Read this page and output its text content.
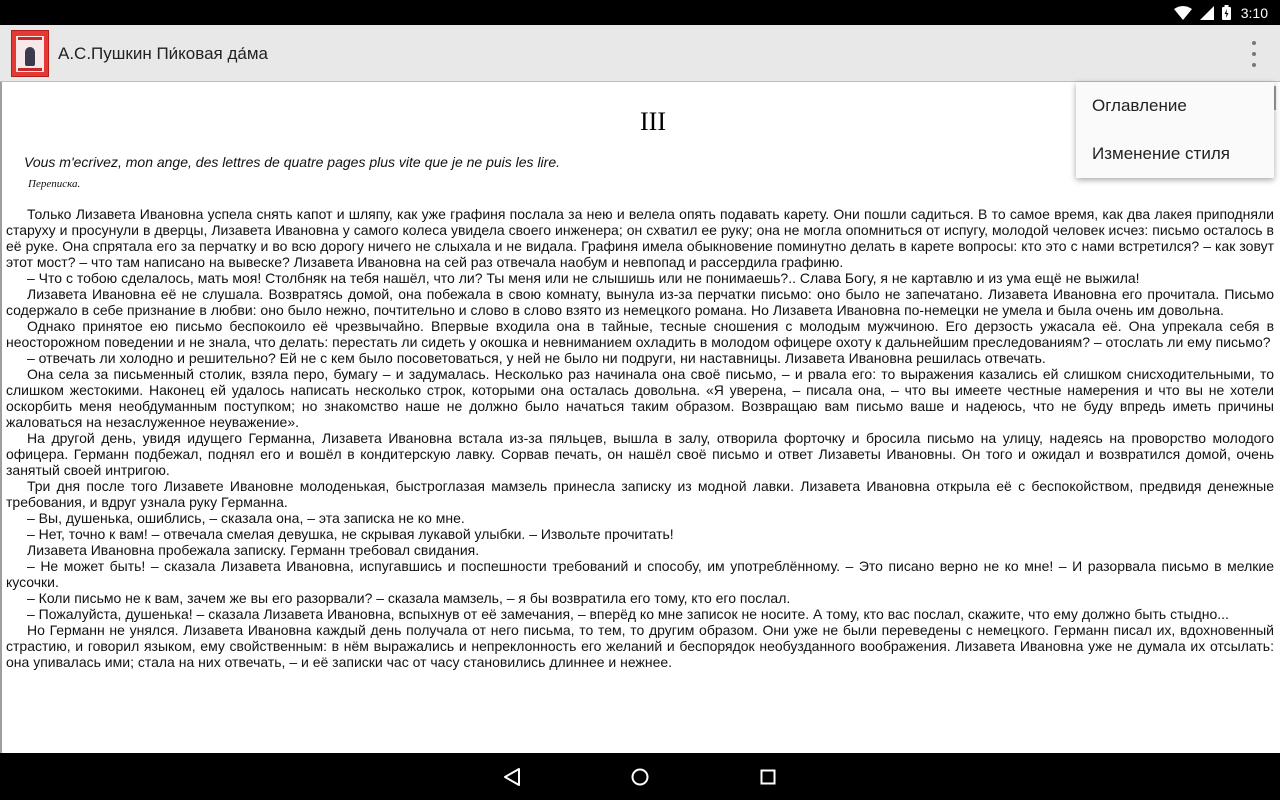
3:10
А.С.Пушкин Пи́ковая да́ма
III
Vous m'ecrivez, mon ange, des lettres de quatre pages plus vite que je ne puis les lire.
Переписка.

Только Лизавета Ивановна успела снять капот и шляпу, как уже графиня послала за нею и велела опять подавать карету. Они пошли садиться. В то самое время, как два лакея приподняли старуху и просунули в дверцы, Лизавета Ивановна у самого колеса увидела своего инженера; он схватил ее руку; она не могла опомниться от испугу, молодой человек исчез: письмо осталось в её руке. Она спрятала его за перчатку и во всю дорогу ничего не слыхала и не видала. Графиня имела обыкновение поминутно делать в карете вопросы: кто это с нами встретился? – как зовут этот мост? – что там написано на вывеске? Лизавета Ивановна на сей раз отвечала наобум и невпопад и рассердила графиню.

– Что с тобою сделалось, мать моя! Столбняк на тебя нашёл, что ли? Ты меня или не слышишь или не понимаешь?.. Слава Богу, я не картавлю и из ума ещё не выжила!

Лизавета Ивановна её не слушала. Возвратясь домой, она побежала в свою комнату, вынула из-за перчатки письмо: оно было не запечатано. Лизавета Ивановна его прочитала. Письмо содержало в себе признание в любви: оно было нежно, почтительно и слово в слово взято из немецкого романа. Но Лизавета Ивановна по-немецки не умела и была очень им довольна.

Однако принятое ею письмо беспокоило её чрезвычайно. Впервые входила она в тайные, тесные сношения с молодым мужчиною. Его дерзость ужасала её. Она упрекала себя в неосторожном поведении и не знала, что делать: перестать ли сидеть у окошка и невниманием охладить в молодом офицере охоту к дальнейшим преследованиям? – отослать ли ему письмо?

– отвечать ли холодно и решительно? Ей не с кем было посоветоваться, у ней не было ни подруги, ни наставницы. Лизавета Ивановна решилась отвечать.

Она села за письменный столик, взяла перо, бумагу – и задумалась. Несколько раз начинала она своё письмо, – и рвала его: то выражения казались ей слишком снисходительными, то слишком жестокими. Наконец ей удалось написать несколько строк, которыми она осталась довольна. «Я уверена, – писала она, – что вы имеете честные намерения и что вы не хотели оскорбить меня необдуманным поступком; но знакомство наше не должно было начаться таким образом. Возвращаю вам письмо ваше и надеюсь, что не буду впредь иметь причины жаловаться на незаслуженное неуважение».

На другой день, увидя идущего Германна, Лизавета Ивановна встала из-за пяльцев, вышла в залу, отворила форточку и бросила письмо на улицу, надеясь на проворство молодого офицера. Германн подбежал, поднял его и вошёл в кондитерскую лавку. Сорвав печать, он нашёл своё письмо и ответ Лизаветы Ивановны. Он того и ожидал и возвратился домой, очень занятый своей интригою.

Три дня после того Лизавете Ивановне молоденькая, быстроглазая мамзель принесла записку из модной лавки. Лизавета Ивановна открыла её с беспокойством, предвидя денежные требования, и вдруг узнала руку Германна.

– Вы, душенька, ошиблись, – сказала она, – эта записка не ко мне.

– Нет, точно к вам! – отвечала смелая девушка, не скрывая лукавой улыбки. – Извольте прочитать!

Лизавета Ивановна пробежала записку. Германн требовал свидания.

– Не может быть! – сказала Лизавета Ивановна, испугавшись и поспешности требований и способу, им употреблённому. – Это писано верно не ко мне! – И разорвала письмо в мелкие кусочки.

– Коли письмо не к вам, зачем же вы его разорвали? – сказала мамзель, – я бы возвратила его тому, кто его послал.

– Пожалуйста, душенька! – сказала Лизавета Ивановна, вспыхнув от её замечания, – вперёд ко мне записок не носите. А тому, кто вас послал, скажите, что ему должно быть стыдно...

Но Германн не унялся. Лизавета Ивановна каждый день получала от него письма, то тем, то другим образом. Они уже не были переведены с немецкого. Германн писал их, вдохновенный страстию, и говорил языком, ему свойственным: в нём выражались и непреклонность его желаний и беспорядок необузданного воображения. Лизавета Ивановна уже не думала их отсылать: она упивалась ими; стала на них отвечать, – и её записки час от часу становились длиннее и нежнее.

Оглавление
Изменение стиля
